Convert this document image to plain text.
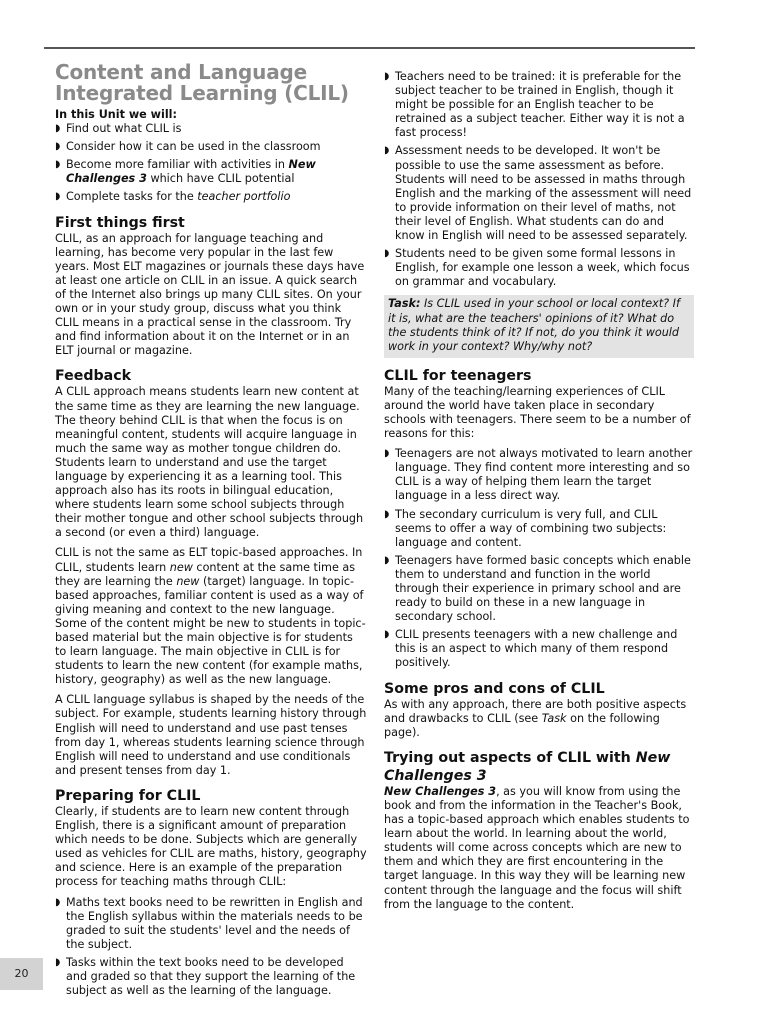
Content and Language Integrated Learning (CLIL)
In this Unit we will:
◗ Find out what CLIL is
◗ Consider how it can be used in the classroom
◗ Become more familiar with activities in New Challenges 3 which have CLIL potential
◗ Complete tasks for the teacher portfolio
First things first

CLIL, as an approach for language teaching and learning, has become very popular in the last few years. Most ELT magazines or journals these days have at least one article on CLIL in an issue. A quick search of the Internet also brings up many CLIL sites. On your own or in your study group, discuss what you think CLIL means in a practical sense in the classroom. Try and find information about it on the Internet or in an ELT journal or magazine.

Feedback

A CLIL approach means students learn new content at the same time as they are learning the new language. The theory behind CLIL is that when the focus is on meaningful content, students will acquire language in much the same way as mother tongue children do. Students learn to understand and use the target language by experiencing it as a learning tool. This approach also has its roots in bilingual education, where students learn some school subjects through their mother tongue and other school subjects through a second (or even a third) language.

CLIL is not the same as ELT topic-based approaches. In CLIL, students learn new content at the same time as they are learning the new (target) language. In topic-based approaches, familiar content is used as a way of giving meaning and context to the new language. Some of the content might be new to students in topic-based material but the main objective is for students to learn language. The main objective in CLIL is for students to learn the new content (for example maths, history, geography) as well as the new language.

A CLIL language syllabus is shaped by the needs of the subject. For example, students learning history through English will need to understand and use past tenses from day 1, whereas students learning science through English will need to understand and use conditionals and present tenses from day 1.

Preparing for CLIL

Clearly, if students are to learn new content through English, there is a significant amount of preparation which needs to be done. Subjects which are generally used as vehicles for CLIL are maths, history, geography and science. Here is an example of the preparation process for teaching maths through CLIL:

◗ Maths text books need to be rewritten in English and the English syllabus within the materials needs to be graded to suit the students' level and the needs of the subject.
◗ Tasks within the text books need to be developed and graded so that they support the learning of the subject as well as the learning of the language.
◗ Teachers need to be trained: it is preferable for the subject teacher to be trained in English, though it might be possible for an English teacher to be retrained as a subject teacher. Either way it is not a fast process!
◗ Assessment needs to be developed. It won't be possible to use the same assessment as before. Students will need to be assessed in maths through English and the marking of the assessment will need to provide information on their level of maths, not their level of English. What students can do and know in English will need to be assessed separately.
◗ Students need to be given some formal lessons in English, for example one lesson a week, which focus on grammar and vocabulary.
Task: Is CLIL used in your school or local context? If it is, what are the teachers' opinions of it? What do the students think of it? If not, do you think it would work in your context? Why/why not?
CLIL for teenagers

Many of the teaching/learning experiences of CLIL around the world have taken place in secondary schools with teenagers. There seem to be a number of reasons for this:

◗ Teenagers are not always motivated to learn another language. They find content more interesting and so CLIL is a way of helping them learn the target language in a less direct way.
◗ The secondary curriculum is very full, and CLIL seems to offer a way of combining two subjects: language and content.
◗ Teenagers have formed basic concepts which enable them to understand and function in the world through their experience in primary school and are ready to build on these in a new language in secondary school.
◗ CLIL presents teenagers with a new challenge and this is an aspect to which many of them respond positively.
Some pros and cons of CLIL

As with any approach, there are both positive aspects and drawbacks to CLIL (see Task on the following page).

Trying out aspects of CLIL with New Challenges 3

New Challenges 3, as you will know from using the book and from the information in the Teacher's Book, has a topic-based approach which enables students to learn about the world. In learning about the world, students will come across concepts which are new to them and which they are first encountering in the target language. In this way they will be learning new content through the language and the focus will shift from the language to the content.

20
